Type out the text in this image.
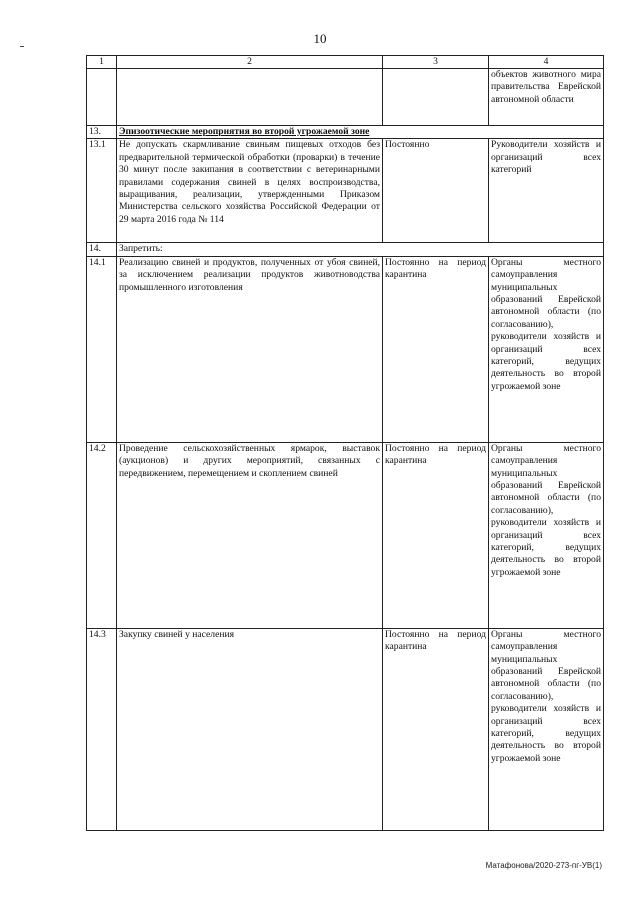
10
1	2	3	4
			объектов животного мира правительства Еврейской автономной области
13.	Эпизоотические мероприятия во второй угрожаемой зоне		
13.1	Не допускать скармливание свиньям пищевых отходов без предварительной термической обработки (проварки) в течение 30 минут после закипания в соответствии с ветеринарными правилами содержания свиней в целях воспроизводства, выращивания, реализации, утвержденными Приказом Министерства сельского хозяйства Российской Федерации от 29 марта 2016 года № 114	Постоянно	Руководители хозяйств и организаций всех категорий
14.	Запретить:		
14.1	Реализацию свиней и продуктов, полученных от убоя свиней, за исключением реализации продуктов животноводства промышленного изготовления	Постоянно на период карантина	Органы местного самоуправления муниципальных образований Еврейской автономной области (по согласованию), руководители хозяйств и организаций всех категорий, ведущих деятельность во второй угрожаемой зоне
14.2	Проведение сельскохозяйственных ярмарок, выставок (аукционов) и других мероприятий, связанных с передвижением, перемещением и скоплением свиней	Постоянно на период карантина	Органы местного самоуправления муниципальных образований Еврейской автономной области (по согласованию), руководители хозяйств и организаций всех категорий, ведущих деятельность во второй угрожаемой зоне
14.3	Закупку свиней у населения	Постоянно на период карантина	Органы местного самоуправления муниципальных образований Еврейской автономной области (по согласованию), руководители хозяйств и организаций всех категорий, ведущих деятельность во второй угрожаемой зоне
Матафонова/2020-273-пг-УВ(1)
